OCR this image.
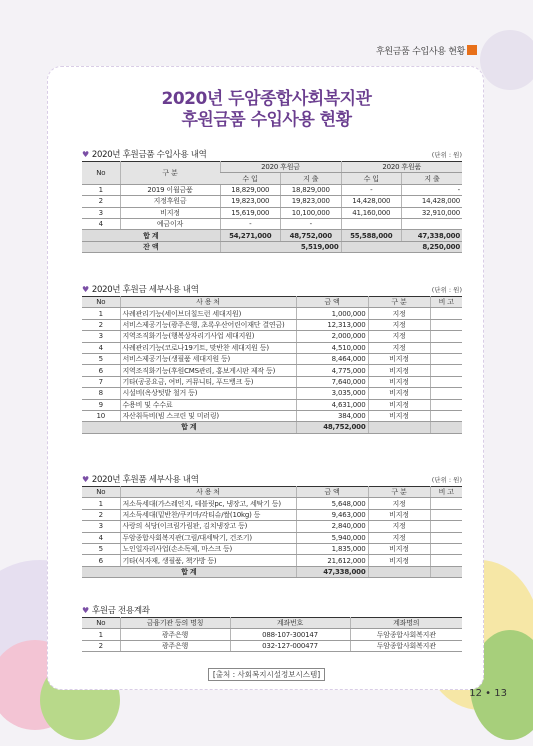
후원금품 수입사용 현황
2020년 두암종합사회복지관
후원금품 수입사용 현황
♥ 2020년 후원금품 수입사용 내역	(단위 : 원)
No	구 분	2020 후원금		2020 후원품	
		수 입	지 출	수 입	지 출
1	2019 이월금품	18,829,000	18,829,000	-	-
2	지정후원금	19,823,000	19,823,000	14,428,000	14,428,000
3	비지정	15,619,000	10,100,000	41,160,000	32,910,000
4	예금이자	-	-		
합 계		54,271,000	48,752,000	55,588,000	47,338,000
잔 액		5,519,000		8,250,000	
♥ 2020년 후원금 세부사용 내역	(단위 : 원)
No	사 용 처	금 액	구 분	비 고
1	사례관리기능(세이브더칠드런 세대지원)	1,000,000	지정	
2	서비스제공기능(광주은행, 초록우산어린이재단 결연금)	12,313,000	지정	
3	지역조직화기능(행복상자리기사업 세대지원)	2,000,000	지정	
4	사례관리기능(코로나19기트, 맞반찬 세대지원 등)	4,510,000	지정	
5	서비스제공기능(생필품 세대지원 등)	8,464,000	비지정	
6	지역조직화기능(후원CMS관리, 홍보게시판 제작 등)	4,775,000	비지정	
7	기타(공공요금, 여비, 커뮤니티, 푸드뱅크 등)	7,640,000	비지정	
8	시설비(옥상텃밭 철거 등)	3,035,000	비지정	
9	수용비 및 수수료	4,631,000	비지정	
10	자산취득비(빔 스크린 및 미러링)	384,000	비지정	
합 계		48,752,000		
♥ 2020년 후원품 세부사용 내역	(단위 : 원)
No	사 용 처	금 액	구 분	비 고
1	저소득세대(가스레인지, 테블릿pc, 냉장고, 세탁기 등)	5,648,000	지정	
2	저소득세대(밑반찬/쿠키마/각티슈/쌀(10kg) 등	9,463,000	비지정	
3	사랑의 식당(이크림가림판, 김치냉장고 등)	2,840,000	지정	
4	두암종합사회복지관(그림/대세탁기, 건조기)	5,940,000	지정	
5	노인일자리사업(손소독제, 마스크 등)	1,835,000	비지정	
6	기타(식자재, 생필품, 책가방 등)	21,612,000	비지정	
합 계		47,338,000		
♥ 후원금 전용계좌
No	금융기관 등의 명칭	계좌번호	계좌명의
1	광주은행	088-107-300147	두암종합사회복지관
2	광주은행	032-127-000477	두암종합사회복지관
[출처 : 사회복지시설정보시스템]
12 • 13
